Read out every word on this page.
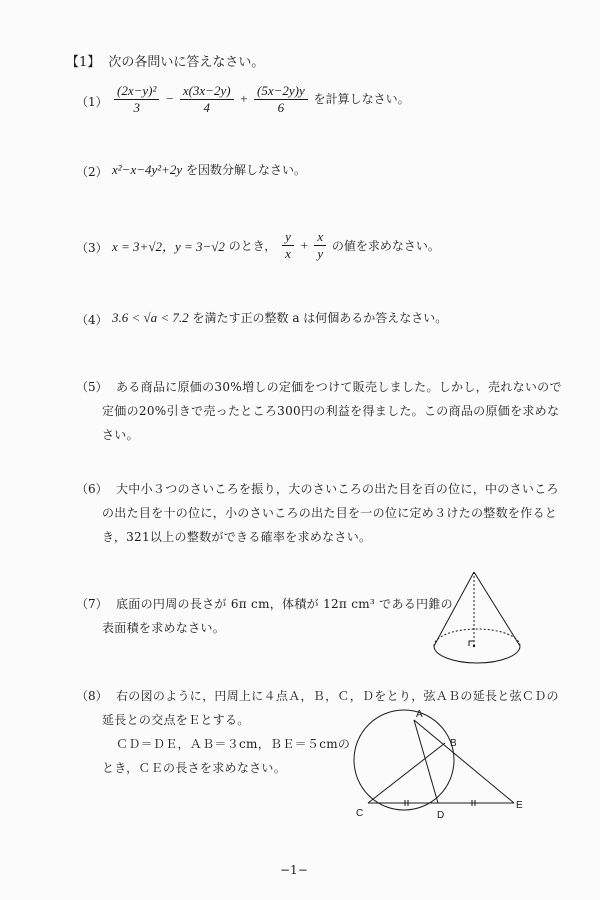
【1】 次の各問いに答えなさい。
$(1) \frac{\text{(2x−y)²}}{3} - \frac{x(3x-2y)}{4} + \frac{(5x-2y)y}{6}$ を計算しなさい。
（2） x²−x−4y²+2y を因数分解しなさい。
（3） x = 3+√2，y = 3−√2 のとき， $\frac{y}{x} + \frac{x}{y}$ の値を求めなさい。
（4） 3.6 < √a < 7.2 を満たす正の整数 a は何個あるか答えなさい。
（5） ある商品に原価の30%増しの定価をつけて販売しました。しかし，売れないので
定価の20%引きで売ったところ300円の利益を得ました。この商品の原価を求めな
さい。
（6） 大中小３つのさいころを振り，大のさいころの出た目を百の位に，中のさいころ
の出た目を十の位に，小のさいころの出た目を一の位に定め３けたの整数を作ると
き，321以上の整数ができる確率を求めなさい。
（7） 底面の円周の長さが 6π cm，体積が 12π cm³ である円錐の
表面積を求めなさい。
（8） 右の図のように，円周上に４点Ａ，Ｂ，Ｃ，Ｄをとり，弦ＡＢの延長と弦ＣＤの
延長との交点をＥとする。
ＣＤ＝ＤＥ，ＡＢ＝３cm，ＢＥ＝５cmの
とき，ＣＥの長さを求めなさい。
A
B
C	D
E
−1−
